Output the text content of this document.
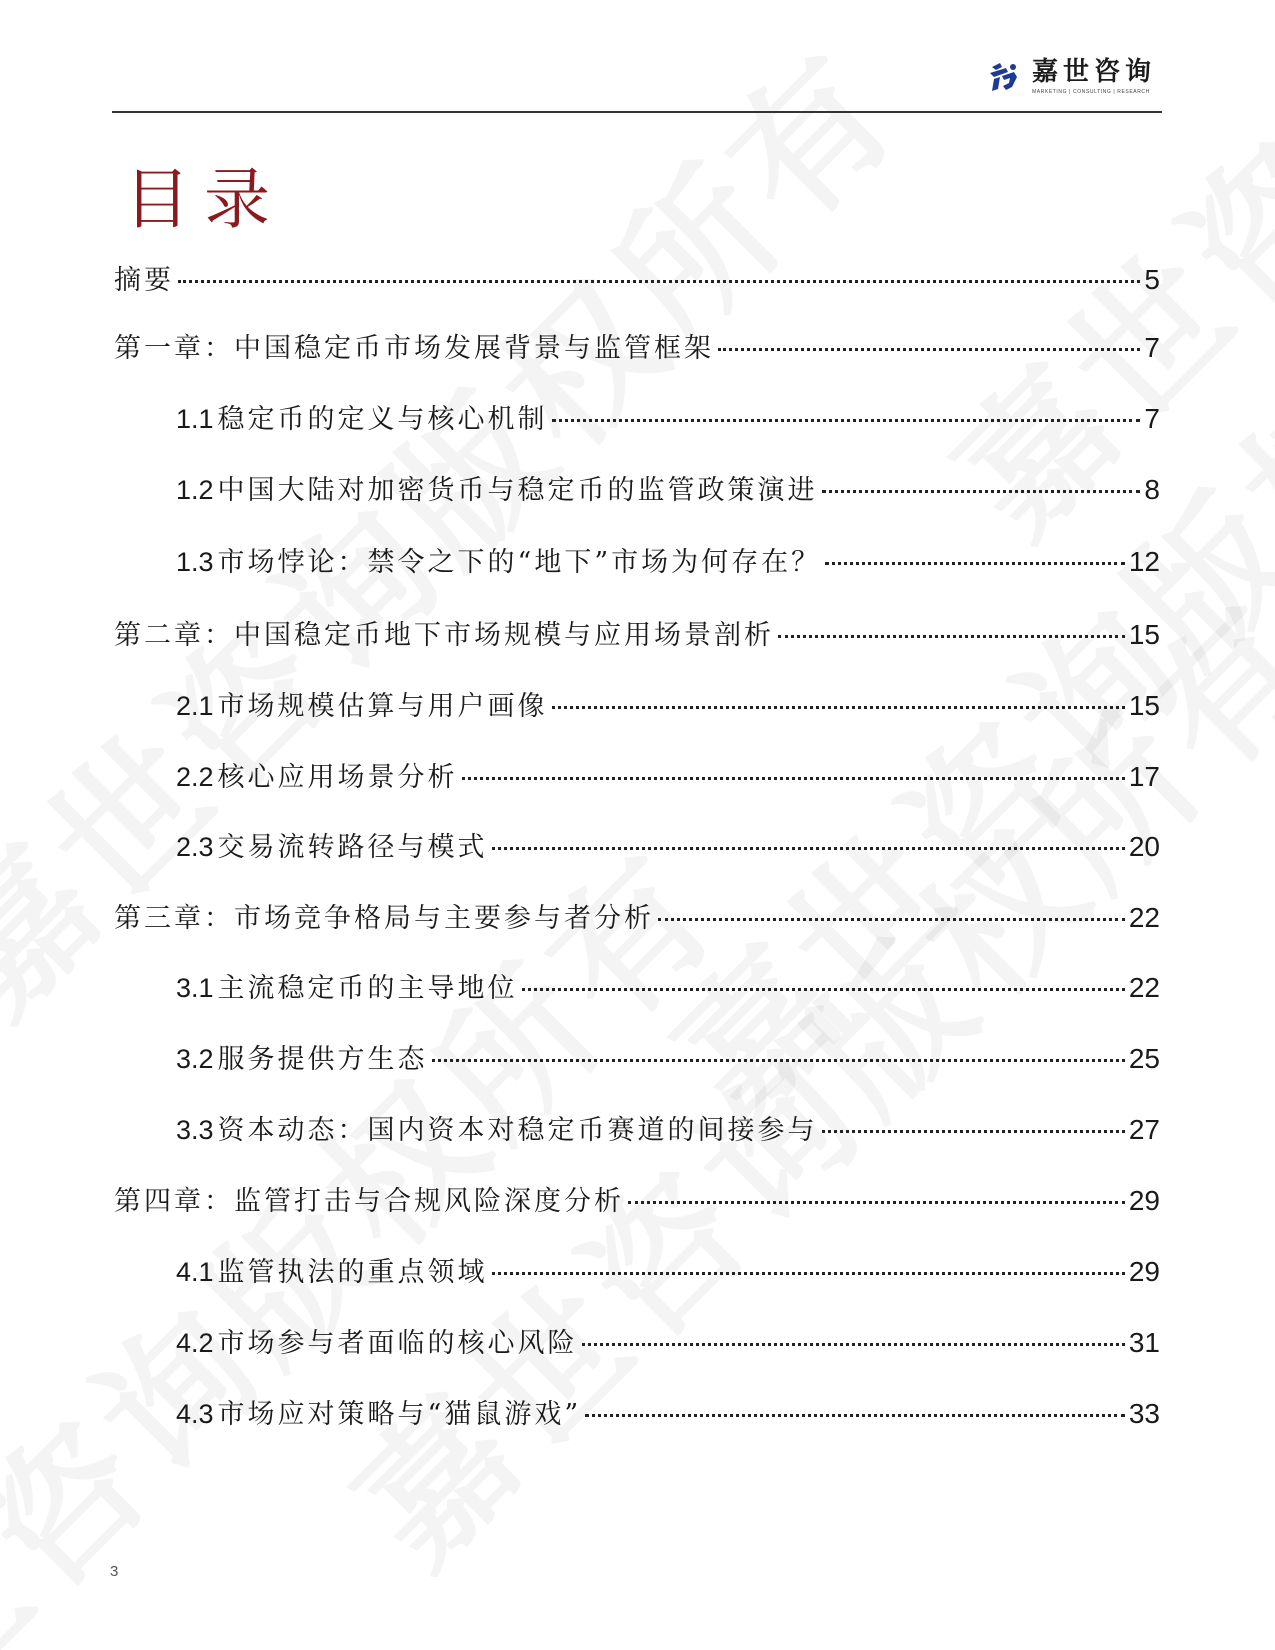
嘉世咨询
MARKETING | CONSULTING | RESEARCH
目录
摘要	5
第一章：中国稳定币市场发展背景与监管框架	7
1.1 稳定币的定义与核心机制	7
1.2 中国大陆对加密货币与稳定币的监管政策演进	8
1.3 市场悖论：禁令之下的“地下”市场为何存在？	12
第二章：中国稳定币地下市场规模与应用场景剖析	15
2.1 市场规模估算与用户画像	15
2.2 核心应用场景分析	17
2.3 交易流转路径与模式	20
第三章：市场竞争格局与主要参与者分析	22
3.1 主流稳定币的主导地位	22
3.2 服务提供方生态	25
3.3 资本动态：国内资本对稳定币赛道的间接参与	27
第四章：监管打击与合规风险深度分析	29
4.1 监管执法的重点领域	29
4.2 市场参与者面临的核心风险	31
4.3 市场应对策略与“猫鼠游戏”	33
3
